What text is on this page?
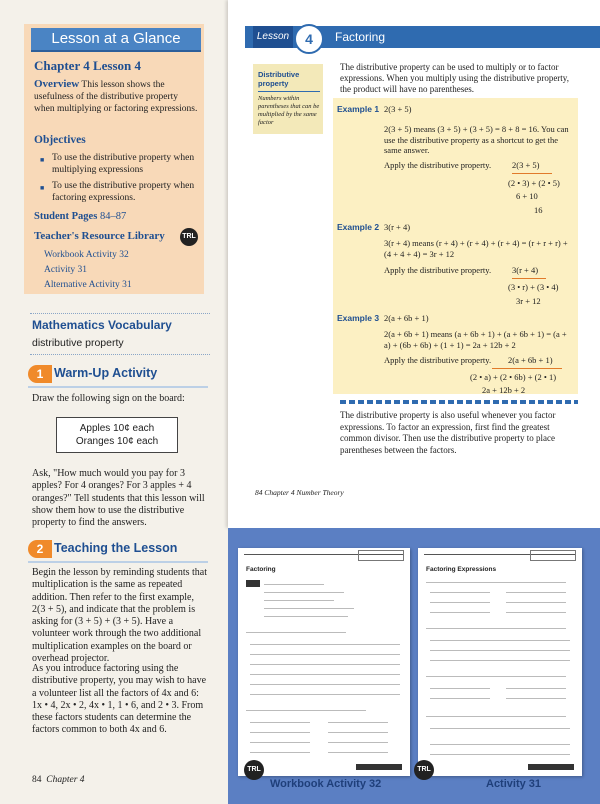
Lesson at a Glance
Chapter 4 Lesson 4
Overview This lesson shows the usefulness of the distributive property when multiplying or factoring expressions.
Objectives
■ To use the distributive property when multiplying expressions
■ To use the distributive property when factoring expressions.
Student Pages 84–87
Teacher's Resource Library	TRL
Workbook Activity 32
Activity 31
Alternative Activity 31
Mathematics Vocabulary
distributive property
1 Warm-Up Activity
Draw the following sign on the board:
Apples 10¢ each
Oranges 10¢ each
Ask, "How much would you pay for 3 apples? For 4 oranges? For 3 apples + 4 oranges?" Tell students that this lesson will show them how to use the distributive property to find the answers.
2 Teaching the Lesson
Begin the lesson by reminding students that multiplication is the same as repeated addition. Then refer to the first example, 2(3 + 5), and indicate that the problem is asking for (3 + 5) + (3 + 5). Have a volunteer work through the two additional multiplication examples on the board or overhead projector.
As you introduce factoring using the distributive property, you may wish to have a volunteer list all the factors of 4x and 6: 1x • 4, 2x • 2, 4x • 1, 1 • 6, and 2 • 3. From these factors students can determine the factors common to both 4x and 6.
84 Chapter 4
Lesson	4	Factoring
Distributive property
Numbers within parentheses that can be multiplied by the same factor
The distributive property can be used to multiply or to factor expressions. When you multiply using the distributive property, the product will have no parentheses.
Example 1 2(3 + 5)
2(3 + 5) means (3 + 5) + (3 + 5) = 8 + 8 = 16. You can use the distributive property as a shortcut to get the same answer.
Apply the distributive property. 2(3 + 5)
(2 • 3) + (2 • 5)
6 + 10
16
Example 2 3(r + 4)
3(r + 4) means (r + 4) + (r + 4) + (r + 4) = (r + r + r) + (4 + 4 + 4) = 3r + 12
Apply the distributive property. 3(r + 4)
(3 • r) + (3 • 4)
3r + 12
Example 3 2(a + 6b + 1)
2(a + 6b + 1) means (a + 6b + 1) + (a + 6b + 1) = (a + a) + (6b + 6b) + (1 + 1) = 2a + 12b + 2
Apply the distributive property. 2(a + 6b + 1)
(2 • a) + (2 • 6b) + (2 • 1)
2a + 12b + 2
The distributive property is also useful whenever you factor expressions. To factor an expression, first find the greatest common divisor. Then use the distributive property to place parentheses between the factors.
84 Chapter 4 Number Theory
Factoring	Factoring Expressions
TRL	TRL
Workbook Activity 32	Activity 31
